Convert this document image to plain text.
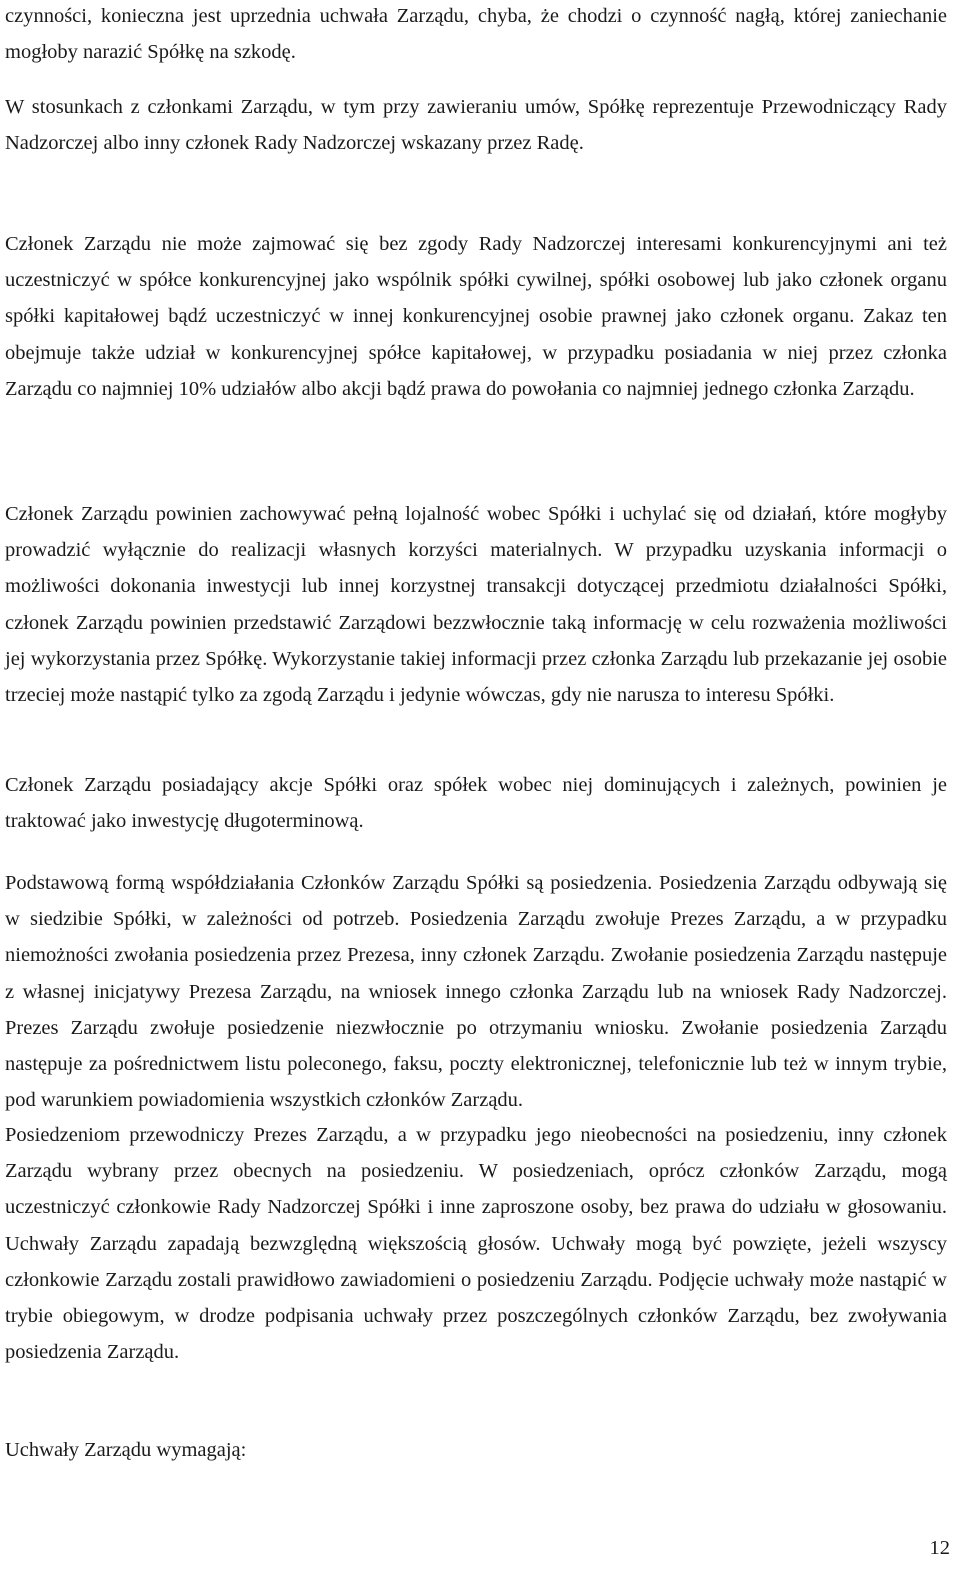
czynności, konieczna jest uprzednia uchwała Zarządu, chyba, że chodzi o czynność nagłą, której zaniechanie mogłoby narazić Spółkę na szkodę.

W stosunkach z członkami Zarządu, w tym przy zawieraniu umów, Spółkę reprezentuje Przewodniczący Rady Nadzorczej albo inny członek Rady Nadzorczej wskazany przez Radę.

Członek Zarządu nie może zajmować się bez zgody Rady Nadzorczej interesami konkurencyjnymi ani też uczestniczyć w spółce konkurencyjnej jako wspólnik spółki cywilnej, spółki osobowej lub jako członek organu spółki kapitałowej bądź uczestniczyć w innej konkurencyjnej osobie prawnej jako członek organu. Zakaz ten obejmuje także udział w konkurencyjnej spółce kapitałowej, w przypadku posiadania w niej przez członka Zarządu co najmniej 10% udziałów albo akcji bądź prawa do powołania co najmniej jednego członka Zarządu.

Członek Zarządu powinien zachowywać pełną lojalność wobec Spółki i uchylać się od działań, które mogłyby prowadzić wyłącznie do realizacji własnych korzyści materialnych. W przypadku uzyskania informacji o możliwości dokonania inwestycji lub innej korzystnej transakcji dotyczącej przedmiotu działalności Spółki, członek Zarządu powinien przedstawić Zarządowi bezzwłocznie taką informację w celu rozważenia możliwości jej wykorzystania przez Spółkę. Wykorzystanie takiej informacji przez członka Zarządu lub przekazanie jej osobie trzeciej może nastąpić tylko za zgodą Zarządu i jedynie wówczas, gdy nie narusza to interesu Spółki.

Członek Zarządu posiadający akcje Spółki oraz spółek wobec niej dominujących i zależnych, powinien je traktować jako inwestycję długoterminową.

Podstawową formą współdziałania Członków Zarządu Spółki są posiedzenia. Posiedzenia Zarządu odbywają się w siedzibie Spółki, w zależności od potrzeb. Posiedzenia Zarządu zwołuje Prezes Zarządu, a w przypadku niemożności zwołania posiedzenia przez Prezesa, inny członek Zarządu. Zwołanie posiedzenia Zarządu następuje z własnej inicjatywy Prezesa Zarządu, na wniosek innego członka Zarządu lub na wniosek Rady Nadzorczej. Prezes Zarządu zwołuje posiedzenie niezwłocznie po otrzymaniu wniosku. Zwołanie posiedzenia Zarządu następuje za pośrednictwem listu poleconego, faksu, poczty elektronicznej, telefonicznie lub też w innym trybie, pod warunkiem powiadomienia wszystkich członków Zarządu.

Posiedzeniom przewodniczy Prezes Zarządu, a w przypadku jego nieobecności na posiedzeniu, inny członek Zarządu wybrany przez obecnych na posiedzeniu. W posiedzeniach, oprócz członków Zarządu, mogą uczestniczyć członkowie Rady Nadzorczej Spółki i inne zaproszone osoby, bez prawa do udziału w głosowaniu. Uchwały Zarządu zapadają bezwzględną większością głosów. Uchwały mogą być powzięte, jeżeli wszyscy członkowie Zarządu zostali prawidłowo zawiadomieni o posiedzeniu Zarządu. Podjęcie uchwały może nastąpić w trybie obiegowym, w drodze podpisania uchwały przez poszczególnych członków Zarządu, bez zwoływania posiedzenia Zarządu.

Uchwały Zarządu wymagają:

12
